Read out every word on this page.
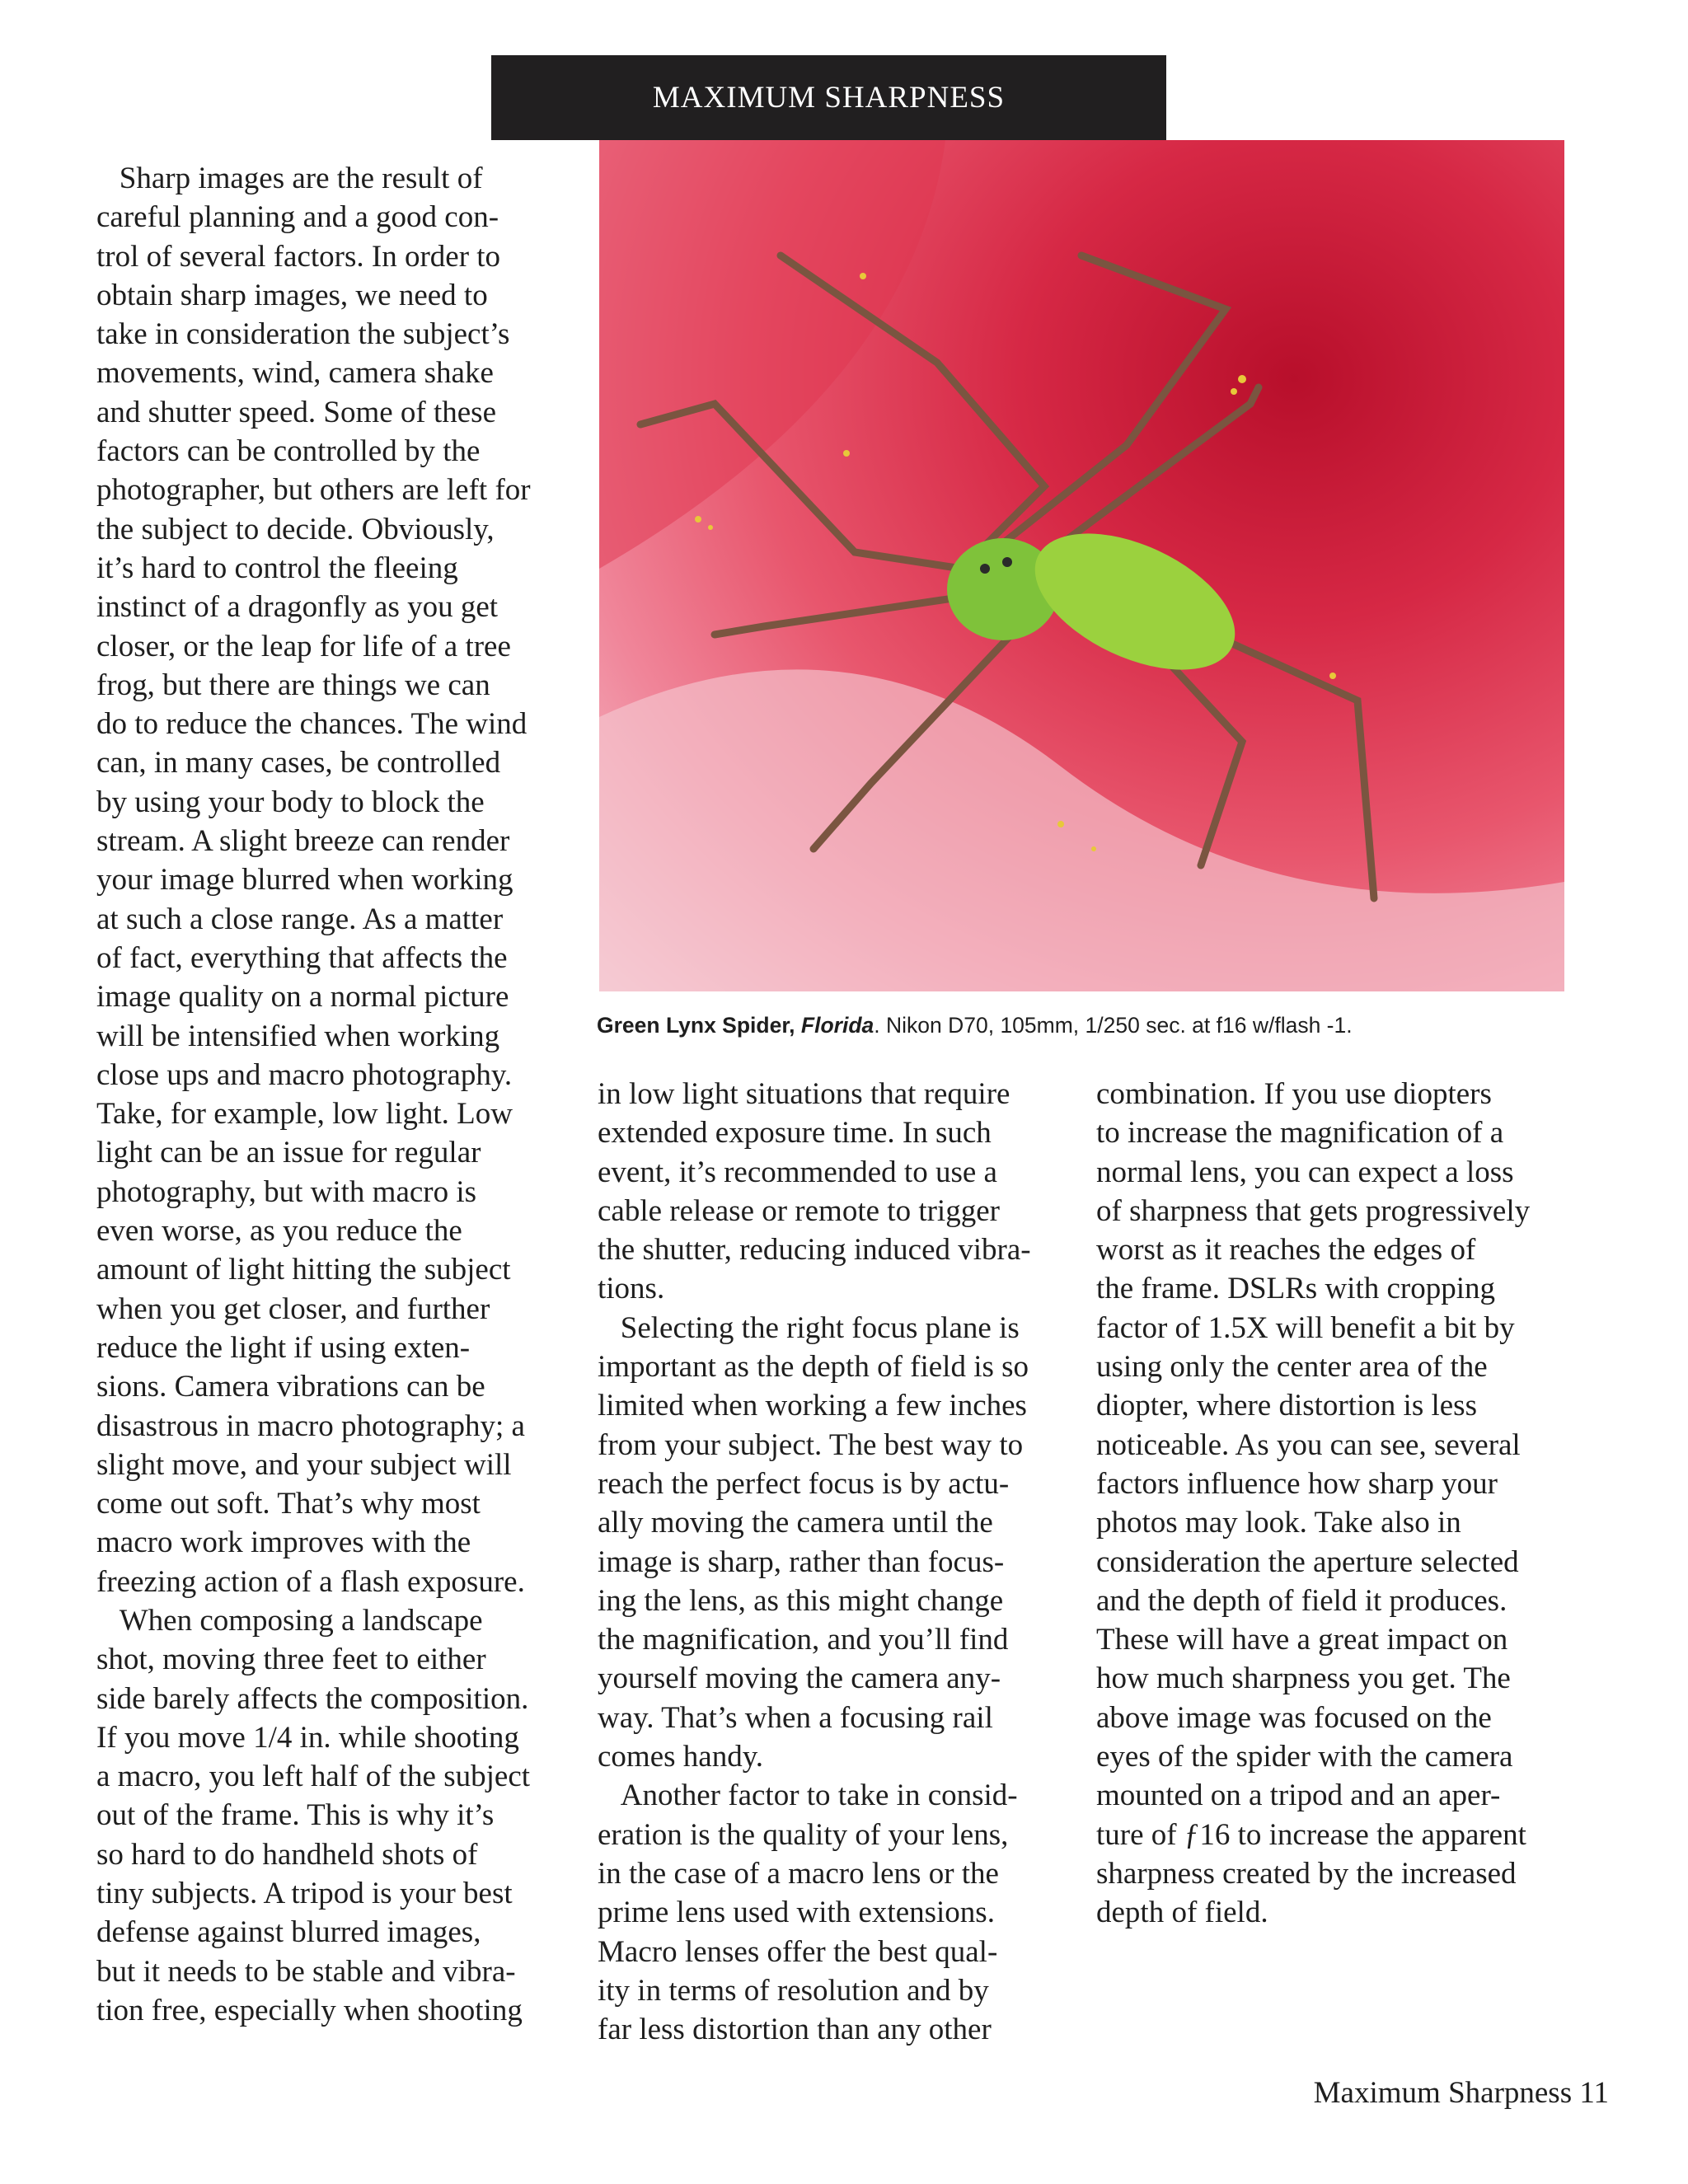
MAXIMUM SHARPNESS
Green Lynx Spider, Florida. Nikon D70, 105mm, 1/250 sec. at f16 w/flash -1.
Sharp images are the result of
careful planning and a good con-
trol of several factors. In order to
obtain sharp images, we need to
take in consideration the subject’s
movements, wind, camera shake
and shutter speed. Some of these
factors can be controlled by the
photographer, but others are left for
the subject to decide. Obviously,
it’s hard to control the fleeing
instinct of a dragonfly as you get
closer, or the leap for life of a tree
frog, but there are things we can
do to reduce the chances. The wind
can, in many cases, be controlled
by using your body to block the
stream. A slight breeze can render
your image blurred when working
at such a close range. As a matter
of fact, everything that affects the
image quality on a normal picture
will be intensified when working
close ups and macro photography.
Take, for example, low light. Low
light can be an issue for regular
photography, but with macro is
even worse, as you reduce the
amount of light hitting the subject
when you get closer, and further
reduce the light if using exten-
sions. Camera vibrations can be
disastrous in macro photography; a
slight move, and your subject will
come out soft. That’s why most
macro work improves with the
freezing action of a flash exposure.
When composing a landscape
shot, moving three feet to either
side barely affects the composition.
If you move 1/4 in. while shooting
a macro, you left half of the subject
out of the frame. This is why it’s
so hard to do handheld shots of
tiny subjects. A tripod is your best
defense against blurred images,
but it needs to be stable and vibra-
tion free, especially when shooting
in low light situations that require
extended exposure time. In such
event, it’s recommended to use a
cable release or remote to trigger
the shutter, reducing induced vibra-
tions.
Selecting the right focus plane is
important as the depth of field is so
limited when working a few inches
from your subject. The best way to
reach the perfect focus is by actu-
ally moving the camera until the
image is sharp, rather than focus-
ing the lens, as this might change
the magnification, and you’ll find
yourself moving the camera any-
way. That’s when a focusing rail
comes handy.
Another factor to take in consid-
eration is the quality of your lens,
in the case of a macro lens or the
prime lens used with extensions.
Macro lenses offer the best qual-
ity in terms of resolution and by
far less distortion than any other
combination. If you use diopters
to increase the magnification of a
normal lens, you can expect a loss
of sharpness that gets progressively
worst as it reaches the edges of
the frame. DSLRs with cropping
factor of 1.5X will benefit a bit by
using only the center area of the
diopter, where distortion is less
noticeable. As you can see, several
factors influence how sharp your
photos may look. Take also in
consideration the aperture selected
and the depth of field it produces.
These will have a great impact on
how much sharpness you get. The
above image was focused on the
eyes of the spider with the camera
mounted on a tripod and an aper-
ture of ƒ16 to increase the apparent
sharpness created by the increased
depth of field.
Maximum Sharpness 11
